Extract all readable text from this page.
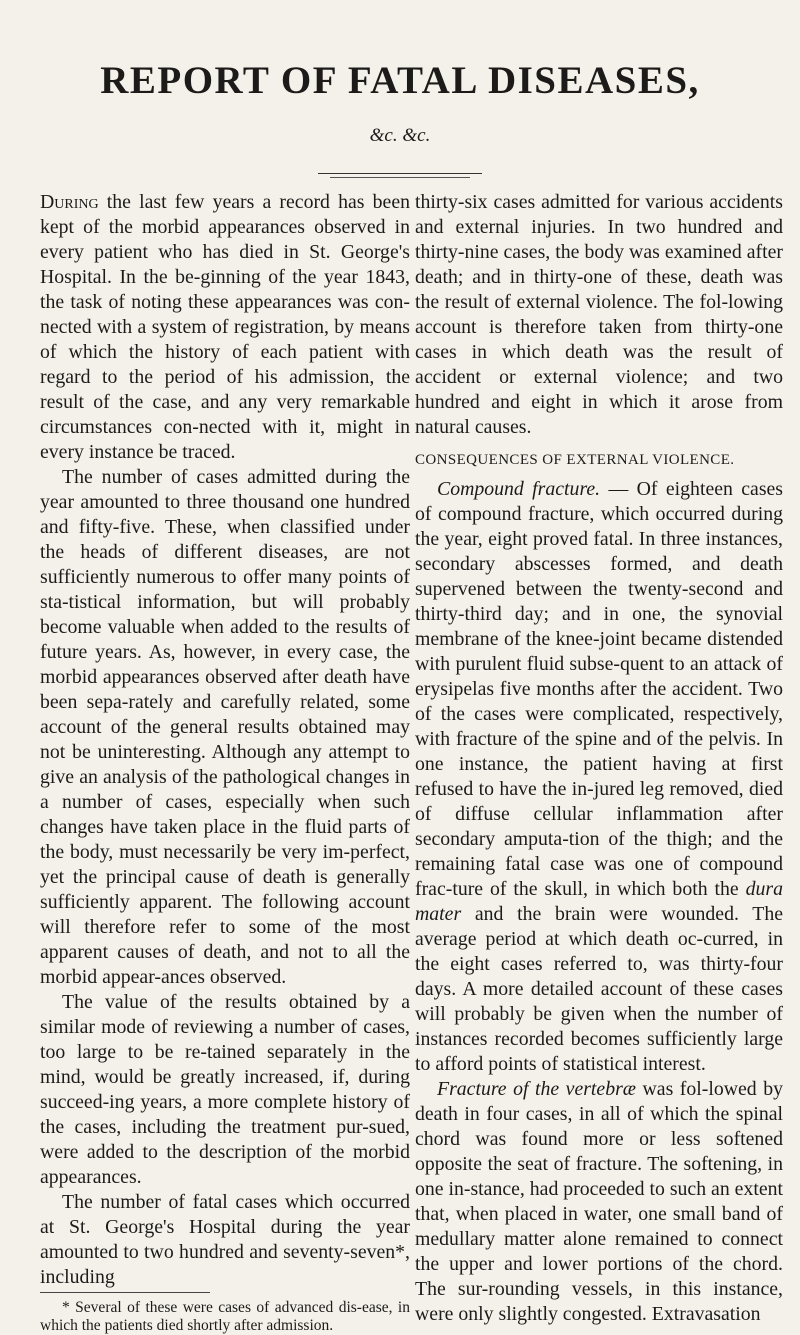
REPORT OF FATAL DISEASES,
&c. &c.

During the last few years a record has been kept of the morbid appearances observed in every patient who has died in St. George's Hospital. In the be-ginning of the year 1843, the task of noting these appearances was con-nected with a system of registration, by means of which the history of each patient with regard to the period of his admission, the result of the case, and any very remarkable circumstances con-nected with it, might in every instance be traced.

The number of cases admitted during the year amounted to three thousand one hundred and fifty-five. These, when classified under the heads of different diseases, are not sufficiently numerous to offer many points of sta-tistical information, but will probably become valuable when added to the results of future years. As, however, in every case, the morbid appearances observed after death have been sepa-rately and carefully related, some account of the general results obtained may not be uninteresting. Although any attempt to give an analysis of the pathological changes in a number of cases, especially when such changes have taken place in the fluid parts of the body, must necessarily be very im-perfect, yet the principal cause of death is generally sufficiently apparent. The following account will therefore refer to some of the most apparent causes of death, and not to all the morbid appear-ances observed.

The value of the results obtained by a similar mode of reviewing a number of cases, too large to be re-tained separately in the mind, would be greatly increased, if, during succeed-ing years, a more complete history of the cases, including the treatment pur-sued, were added to the description of the morbid appearances.

The number of fatal cases which occurred at St. George's Hospital during the year amounted to two hundred and seventy-seven*, including

* Several of these were cases of advanced dis-ease, in which the patients died shortly after admission.

thirty-six cases admitted for various accidents and external injuries. In two hundred and thirty-nine cases, the body was examined after death; and in thirty-one of these, death was the result of external violence. The fol-lowing account is therefore taken from thirty-one cases in which death was the result of accident or external violence; and two hundred and eight in which it arose from natural causes.

CONSEQUENCES OF EXTERNAL VIOLENCE.

Compound fracture. — Of eighteen cases of compound fracture, which occurred during the year, eight proved fatal. In three instances, secondary abscesses formed, and death supervened between the twenty-second and thirty-third day; and in one, the synovial membrane of the knee-joint became distended with purulent fluid subse-quent to an attack of erysipelas five months after the accident. Two of the cases were complicated, respectively, with fracture of the spine and of the pelvis. In one instance, the patient having at first refused to have the in-jured leg removed, died of diffuse cellular inflammation after secondary amputa-tion of the thigh; and the remaining fatal case was one of compound frac-ture of the skull, in which both the dura mater and the brain were wounded. The average period at which death oc-curred, in the eight cases referred to, was thirty-four days. A more detailed account of these cases will probably be given when the number of instances recorded becomes sufficiently large to afford points of statistical interest.

Fracture of the vertebræ was fol-lowed by death in four cases, in all of which the spinal chord was found more or less softened opposite the seat of fracture. The softening, in one in-stance, had proceeded to such an extent that, when placed in water, one small band of medullary matter alone remained to connect the upper and lower portions of the chord. The sur-rounding vessels, in this instance, were only slightly congested. Extravasation
